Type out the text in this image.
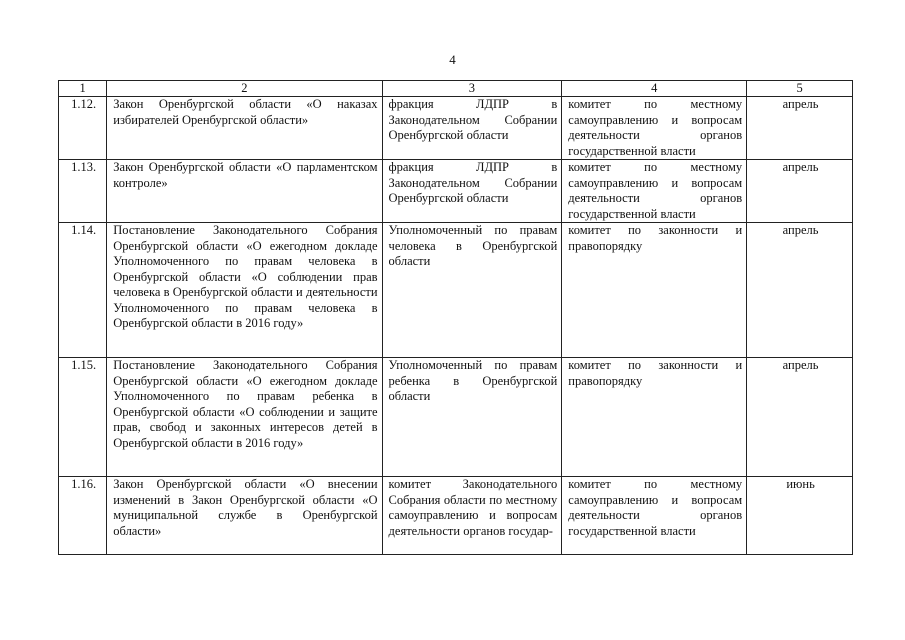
4
1	2	3	4	5
1.12.	Закон Оренбургской области «О наказах избирателей Оренбургской области»	фракция ЛДПР в Законодательном Собрании Оренбургской области	комитет по местному самоуправлению и вопросам деятельности органов государственной власти	апрель
1.13.	Закон Оренбургской области «О парламентском контроле»	фракция ЛДПР в Законодательном Собрании Оренбургской области	комитет по местному самоуправлению и вопросам деятельности органов государственной власти	апрель
1.14.	Постановление Законодательного Собрания Оренбургской области «О ежегодном докладе Уполномоченного по правам человека в Оренбургской области «О соблюдении прав человека в Оренбургской области и деятельности Уполномоченного по правам человека в Оренбургской области в 2016 году»	Уполномоченный по правам человека в Оренбургской области	комитет по законности и правопорядку	апрель
1.15.	Постановление Законодательного Собрания Оренбургской области «О ежегодном докладе Уполномоченного по правам ребенка в Оренбургской области «О соблюдении и защите прав, свобод и законных интересов детей в Оренбургской области в 2016 году»	Уполномоченный по правам ребенка в Оренбургской области	комитет по законности и правопорядку	апрель
1.16.	Закон Оренбургской области «О внесении изменений в Закон Оренбургской области «О муниципальной службе в Оренбургской области»	комитет Законодательного Собрания области по местному самоуправлению и вопросам деятельности органов государ-	комитет по местному самоуправлению и вопросам деятельности органов государственной власти	июнь
